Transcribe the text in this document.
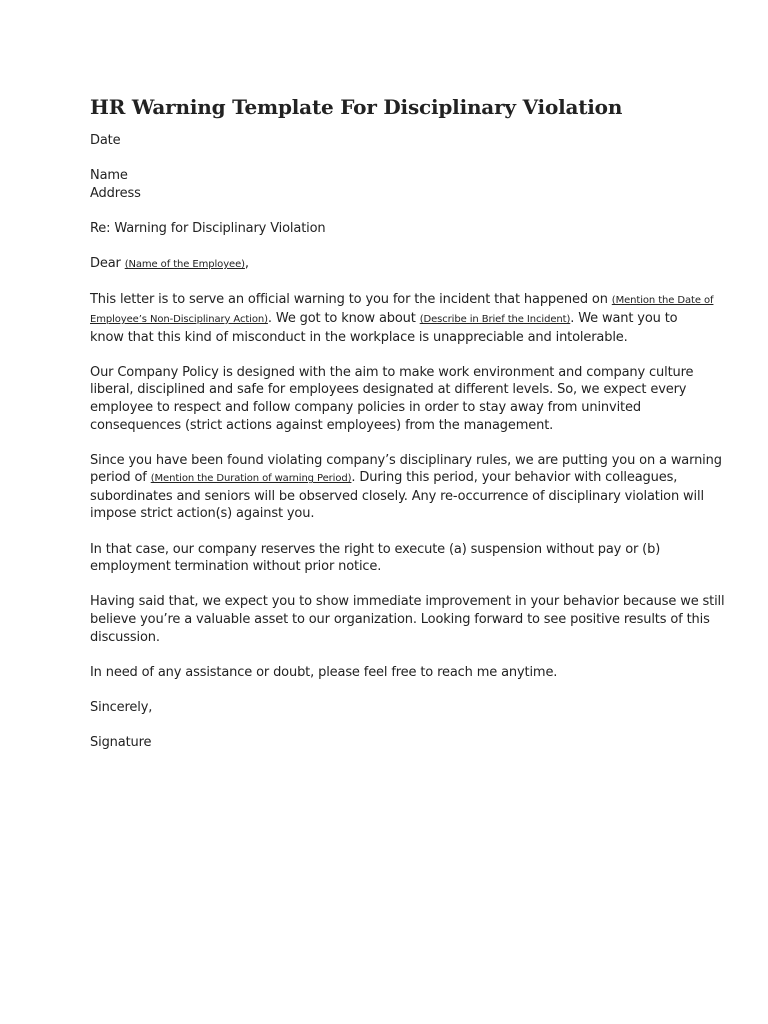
HR Warning Template For Disciplinary Violation
Date
Name
Address
Re: Warning for Disciplinary Violation
Dear (Name of the Employee),
This letter is to serve an official warning to you for the incident that happened on (Mention the Date of
Employee’s Non-Disciplinary Action). We got to know about (Describe in Brief the Incident). We want you to
know that this kind of misconduct in the workplace is unappreciable and intolerable.
Our Company Policy is designed with the aim to make work environment and company culture
liberal, disciplined and safe for employees designated at different levels. So, we expect every
employee to respect and follow company policies in order to stay away from uninvited
consequences (strict actions against employees) from the management.
Since you have been found violating company’s disciplinary rules, we are putting you on a warning
period of (Mention the Duration of warning Period). During this period, your behavior with colleagues,
subordinates and seniors will be observed closely. Any re-occurrence of disciplinary violation will
impose strict action(s) against you.
In that case, our company reserves the right to execute (a) suspension without pay or (b)
employment termination without prior notice.
Having said that, we expect you to show immediate improvement in your behavior because we still
believe you’re a valuable asset to our organization. Looking forward to see positive results of this
discussion.
In need of any assistance or doubt, please feel free to reach me anytime.
Sincerely,
Signature
